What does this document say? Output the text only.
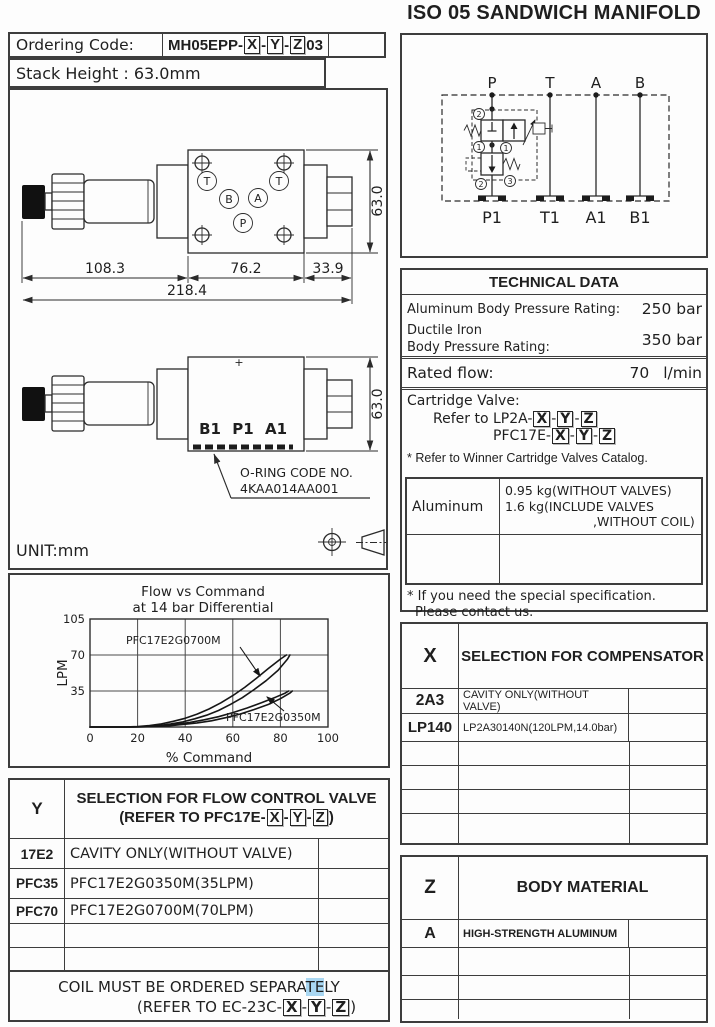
ISO 05 SANDWICH MANIFOLD
Ordering Code:	MH05EPP- X - Y - Z 03
Stack Height : 63.0mm
T	T
B A
P
108.3	76.2	33.9
218.4
63.0
+
B1 P1 A1
O-RING CODE NO.
4KAA014AA001
63.0
UNIT:mm
0	20	40	60	80	100
35
70
105
Flow vs Command
at 14 bar Differential
% Command
LPM
PFC17E2G0700M
PFC17E2G0350M
Y
SELECTION FOR FLOW CONTROL VALVE
(REFER TO PFC17E- X - Y - Z )
17E2	CAVITY ONLY(WITHOUT VALVE)
PFC35 PFC17E2G0350M(35LPM)
PFC70 PFC17E2G0700M(70LPM)
COIL MUST BE ORDERED SEPARATELY
(REFER TO EC-23C- X - Y - Z )
P	T A B
P1 T1 A1 B1
2
1	1
2	3
TECHNICAL DATA
Aluminum Body Pressure Rating: 250 bar
Ductile Iron
Body Pressure Rating:	350 bar
Rated flow:	70 l/min
Cartridge Valve:
Refer to LP2A- X - Y - Z
PFC17E- X - Y - Z
* Refer to Winner Cartridge Valves Catalog.
Aluminum
0.95 kg(WITHOUT VALVES)
1.6 kg(INCLUDE VALVES
,WITHOUT COIL)
* If you need the special specification.
Please contact us.
X	SELECTION FOR COMPENSATOR
2A3	CAVITY ONLY(WITHOUT VALVE)
LP140 LP2A30140N(120LPM,14.0bar)
Z	BODY MATERIAL
A	HIGH-STRENGTH ALUMINUM
